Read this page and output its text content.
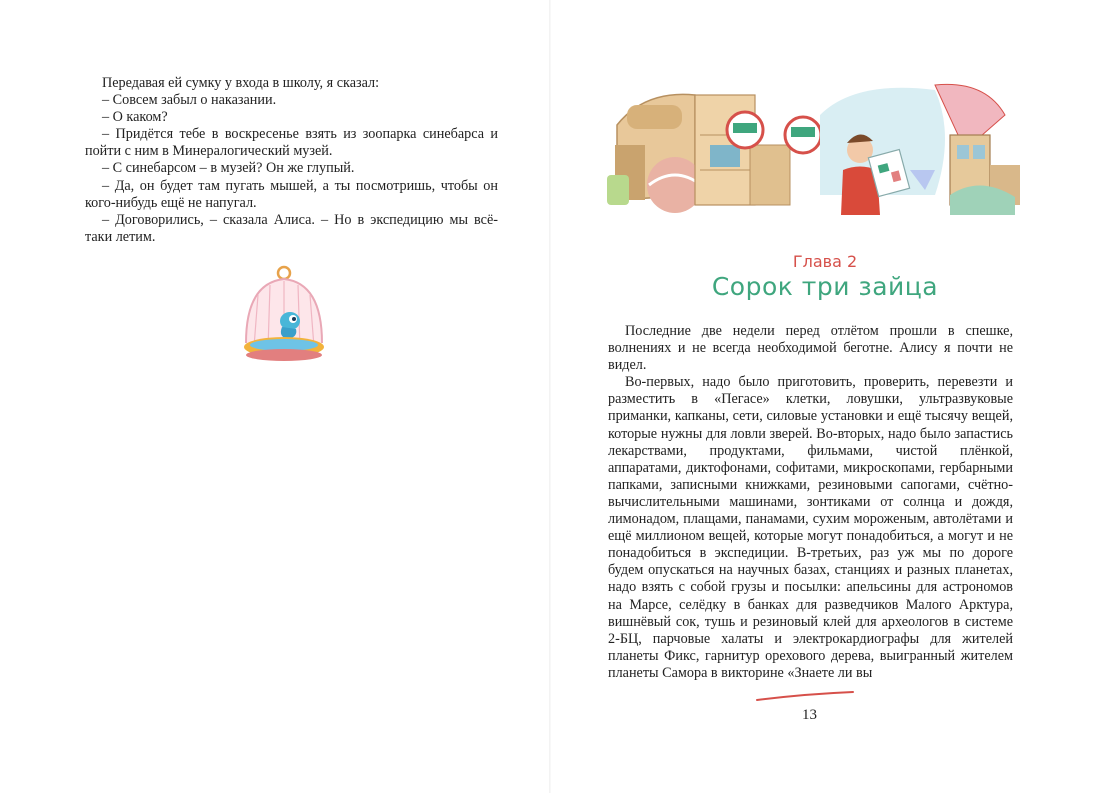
Передавая ей сумку у входа в школу, я сказал:

– Совсем забыл о наказании.

– О каком?

– Придётся тебе в воскресенье взять из зоопарка синебарса и пойти с ним в Минералогический музей.

– С синебарсом – в музей? Он же глупый.

– Да, он будет там пугать мышей, а ты посмотришь, чтобы он кого-нибудь ещё не напугал.

– Договорились, – сказала Алиса. – Но в экспедицию мы всё-таки летим.

Глава 2
Сорок три зайца

Последние две недели перед отлётом прошли в спешке, волнениях и не всегда необходимой беготне. Алису я почти не видел.

Во-первых, надо было приготовить, проверить, перевезти и разместить в «Пегасе» клетки, ловушки, ультразвуковые приманки, капканы, сети, силовые установки и ещё тысячу вещей, которые нужны для ловли зверей. Во-вторых, надо было запастись лекарствами, продуктами, фильмами, чистой плёнкой, аппаратами, диктофонами, софитами, микроскопами, гербарными папками, записными книжками, резиновыми сапогами, счётно-вычислительными машинами, зонтиками от солнца и дождя, лимонадом, плащами, панамами, сухим мороженым, автолётами и ещё миллионом вещей, которые могут понадобиться, а могут и не понадобиться в экспедиции. В-третьих, раз уж мы по дороге будем опускаться на научных базах, станциях и разных планетах, надо взять с собой грузы и посылки: апельсины для астрономов на Марсе, селёдку в банках для разведчиков Малого Арктура, вишнёвый сок, тушь и резиновый клей для археологов в системе 2-БЦ, парчовые халаты и электрокардиографы для жителей планеты Фикс, гарнитур орехового дерева, выигранный жителем планеты Самора в викторине «Знаете ли вы

13
